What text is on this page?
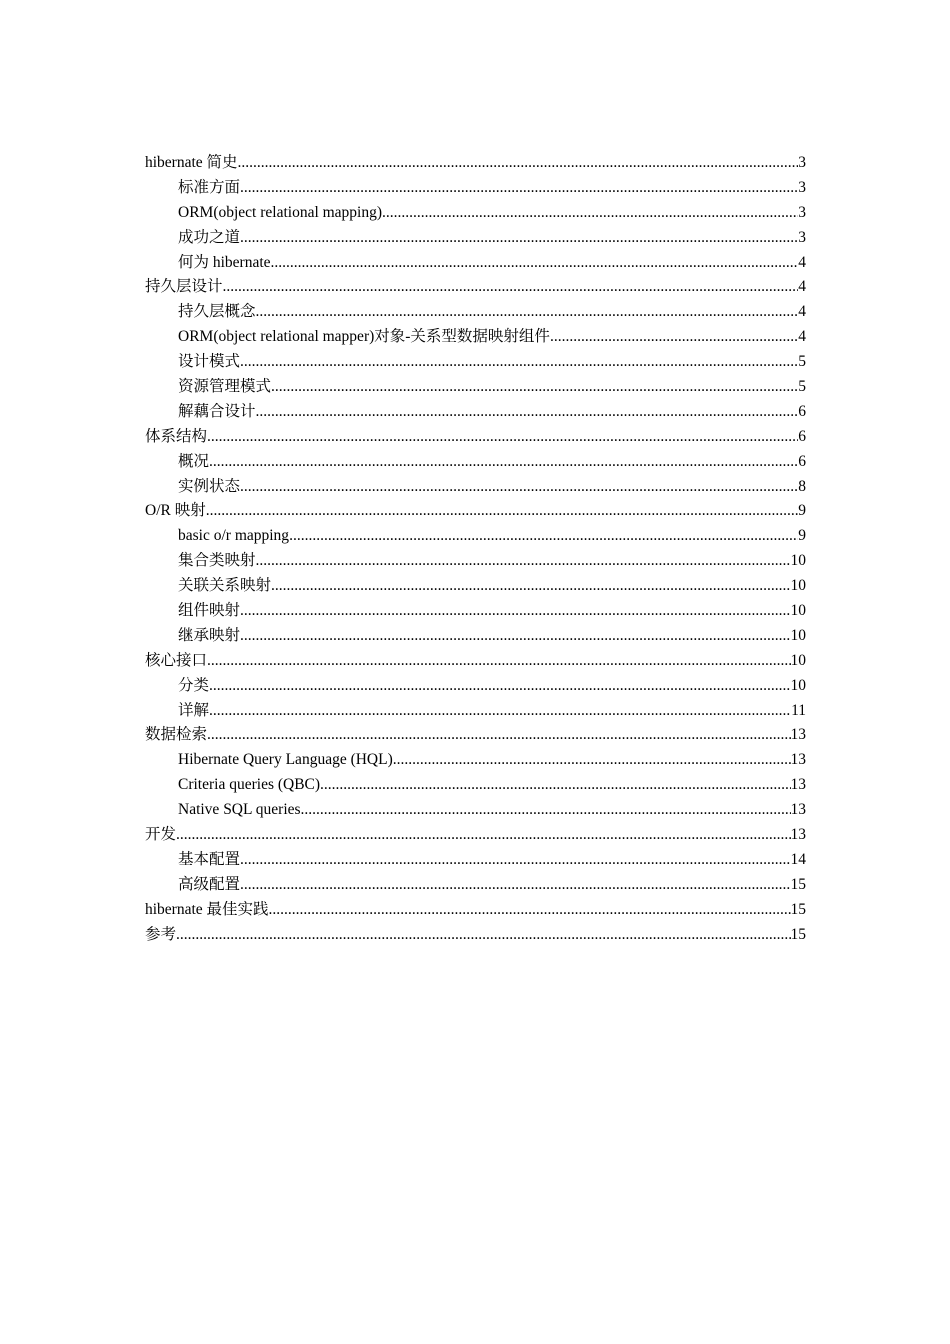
hibernate 简史 .....	3
标准方面 .....	3
ORM(object relational mapping) .....	3
成功之道 .....	3
何为 hibernate .....	4
持久层设计 .....	4
持久层概念 .....	4
ORM(object relational mapper)对象-关系型数据映射组件 .....	4
设计模式 .....	5
资源管理模式 .....	5
解藕合设计 .....	6
体系结构 .....	6
概况 .....	6
实例状态 .....	8
O/R 映射 .....	9
basic o/r mapping .....	9
集合类映射 .....	10
关联关系映射 .....	10
组件映射 .....	10
继承映射 .....	10
核心接口 .....	10
分类 .....	10
详解 .....	11
数据检索 .....	13
Hibernate Query Language (HQL) .....	13
Criteria queries (QBC) .....	13
Native SQL queries .....	13
开发 .....	13
基本配置 .....	14
高级配置 .....	15
hibernate 最佳实践 .....	15
参考 .....	15
